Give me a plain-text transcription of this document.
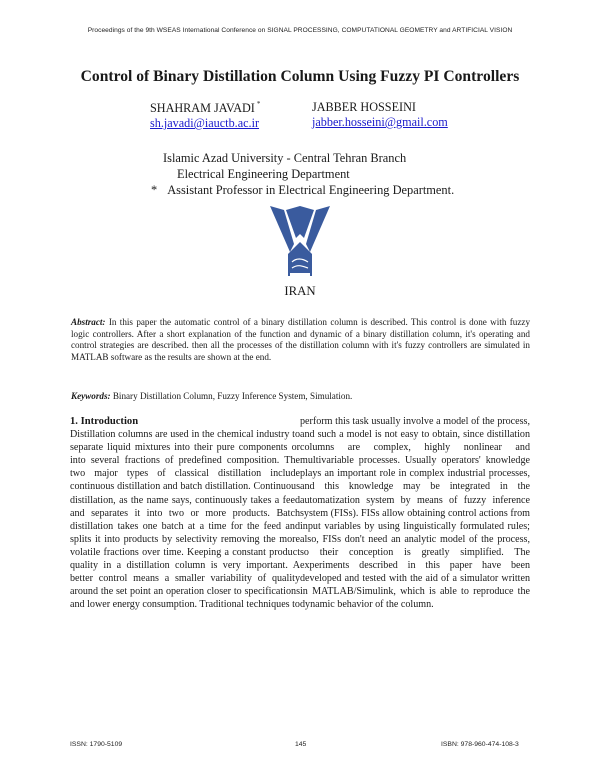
Proceedings of the 9th WSEAS International Conference on SIGNAL PROCESSING, COMPUTATIONAL GEOMETRY and ARTIFICIAL VISION
Control of Binary Distillation Column Using Fuzzy PI Controllers
SHAHRAM JAVADI *
sh.javadi@iauctb.ac.ir
JABBER HOSSEINI
jabber.hosseini@gmail.com
Islamic Azad University - Central Tehran Branch
Electrical Engineering Department
* Assistant Professor in Electrical Engineering Department.
IRAN

Abstract: In this paper the automatic control of a binary distillation column is described. This control is done with fuzzy logic controllers. After a short explanation of the function and dynamic of a binary distillation column, it's operating and control strategies are described. then all the processes of the distillation column with it's fuzzy controllers are simulated in MATLAB software as the results are shown at the end.

Keywords: Binary Distillation Column, Fuzzy Inference System, Simulation.

1. Introduction

Distillation columns are used in the chemical industry to separate liquid mixtures into their pure components or into several fractions of predefined composition. The two major types of classical distillation include continuous distillation and batch distillation. Continuous distillation, as the name says, continuously takes a feed and separates it into two or more products. Batch distillation takes one batch at a time for the feed and splits it into products by selectivity removing the more volatile fractions over time. Keeping a constant product quality in a distillation column is very important. A better control means a smaller variability of quality around the set point an operation closer to specifications and lower energy consumption. Traditional techniques to

perform this task usually involve a model of the process, and such a model is not easy to obtain, since distillation columns are complex, highly nonlinear and multivariable processes. Usually operators' knowledge plays an important role in complex industrial processes, and this knowledge may be integrated in the automatization system by means of fuzzy inference system (FISs). FISs allow obtaining control actions from input variables by using linguistically formulated rules; also, FISs don't need an analytic model of the process, so their conception is greatly simplified. The experiments described in this paper have been developed and tested with the aid of a simulator written in MATLAB/Simulink, which is able to reproduce the dynamic behavior of the column.

ISSN: 1790-5109	145	ISBN: 978-960-474-108-3
